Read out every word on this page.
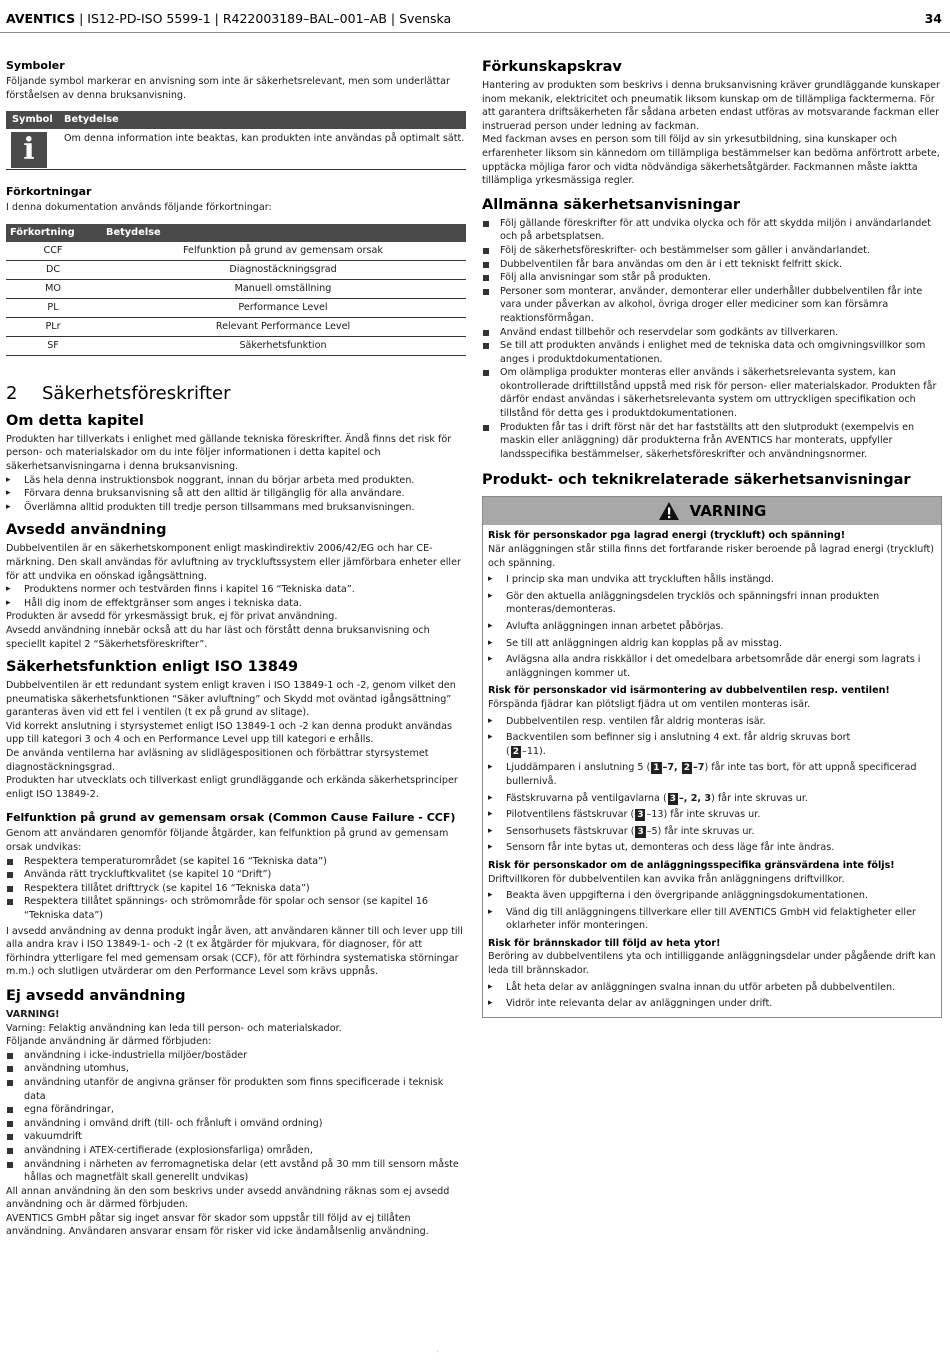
AVENTICS | IS12-PD-ISO 5599-1 | R422003189–BAL–001–AB | Svenska	34
Symboler

Följande symbol markerar en anvisning som inte är säkerhetsrelevant, men som underlättar förståelsen av denna bruksanvisning.

Symbol	Betydelse
i	Om denna information inte beaktas, kan produkten inte användas på optimalt sätt.
Förkortningar

I denna dokumentation används följande förkortningar:

Förkortning	Betydelse
CCF	Felfunktion på grund av gemensam orsak
DC	Diagnostäckningsgrad
MO	Manuell omställning
PL	Performance Level
PLr	Relevant Performance Level
SF	Säkerhetsfunktion
2 Säkerhetsföreskrifter
Om detta kapitel

Produkten har tillverkats i enlighet med gällande tekniska föreskrifter. Ändå finns det risk för person- och materialskador om du inte följer informationen i detta kapitel och säkerhetsanvisningarna i denna bruksanvisning.

▸ Läs hela denna instruktionsbok noggrant, innan du börjar arbeta med produkten.
▸ Förvara denna bruksanvisning så att den alltid är tillgänglig för alla användare.
▸ Överlämna alltid produkten till tredje person tillsammans med bruksanvisningen.
Avsedd användning

Dubbelventilen är en säkerhetskomponent enligt maskindirektiv 2006/42/EG och har CE-märkning. Den skall användas för avluftning av tryckluftssystem eller jämförbara enheter eller för att undvika en oönskad igångsättning.

▸ Produktens normer och testvärden finns i kapitel 16 “Tekniska data”.
▸ Håll dig inom de effektgränser som anges i tekniska data.

Produkten är avsedd för yrkesmässigt bruk, ej för privat användning.

Avsedd användning innebär också att du har läst och förstått denna bruksanvisning och speciellt kapitel 2 “Säkerhetsföreskrifter”.

Säkerhetsfunktion enligt ISO 13849

Dubbelventilen är ett redundant system enligt kraven i ISO 13849-1 och -2, genom vilket den pneumatiska säkerhetsfunktionen “Säker avluftning” och Skydd mot oväntad igångsättning” garanteras även vid ett fel i ventilen (t ex på grund av slitage).

Vid korrekt anslutning i styrsystemet enligt ISO 13849-1 och -2 kan denna produkt användas upp till kategori 3 och 4 och en Performance Level upp till kategori e erhålls.

De använda ventilerna har avläsning av slidlägespositionen och förbättrar styrsystemet diagnostäckningsgrad.

Produkten har utvecklats och tillverkast enligt grundläggande och erkända säkerhetsprinciper enligt ISO 13849-2.

Felfunktion på grund av gemensam orsak (Common Cause Failure - CCF)

Genom att användaren genomför följande åtgärder, kan felfunktion på grund av gemensam orsak undvikas:

Respektera temperaturområdet (se kapitel 16 “Tekniska data”)
Använda rätt tryckluftkvalitet (se kapitel 10 “Drift”)
Respektera tillåtet drifttryck (se kapitel 16 “Tekniska data”)
Respektera tillåtet spännings- och strömområde för spolar och sensor (se kapitel 16 “Tekniska data”)

I avsedd användning av denna produkt ingår även, att användaren känner till och lever upp till alla andra krav i ISO 13849-1- och -2 (t ex åtgärder för mjukvara, för diagnoser, för att förhindra ytterligare fel med gemensam orsak (CCF), för att förhindra systematiska störningar m.m.) och slutligen utvärderar om den Performance Level som krävs uppnås.

Ej avsedd användning

VARNING!

Varning: Felaktig användning kan leda till person- och materialskador.

Följande användning är därmed förbjuden:

användning i icke-industriella miljöer/bostäder
användning utomhus,
användning utanför de angivna gränser för produkten som finns specificerade i teknisk data
egna förändringar,
användning i omvänd drift (till- och frånluft i omvänd ordning)
vakuumdrift
användning i ATEX-certifierade (explosionsfarliga) områden,
användning i närheten av ferromagnetiska delar (ett avstånd på 30 mm till sensorn måste hållas och magnetfält skall generellt undvikas)

All annan användning än den som beskrivs under avsedd användning räknas som ej avsedd användning och är därmed förbjuden.

AVENTICS GmbH påtar sig inget ansvar för skador som uppstår till följd av ej tillåten användning. Användaren ansvarar ensam för risker vid icke ändamålsenlig användning.

Förkunskapskrav

Hantering av produkten som beskrivs i denna bruksanvisning kräver grundläggande kunskaper inom mekanik, elektricitet och pneumatik liksom kunskap om de tillämpliga facktermerna. För att garantera driftsäkerheten får sådana arbeten endast utföras av motsvarande fackman eller instruerad person under ledning av fackman.

Med fackman avses en person som till följd av sin yrkesutbildning, sina kunskaper och erfarenheter liksom sin kännedom om tillämpliga bestämmelser kan bedöma anförtrott arbete, upptäcka möjliga faror och vidta nödvändiga säkerhetsåtgärder. Fackmannen måste iaktta tillämpliga yrkesmässiga regler.

Allmänna säkerhetsanvisningar
Följ gällande föreskrifter för att undvika olycka och för att skydda miljön i användarlandet och på arbetsplatsen.
Följ de säkerhetsföreskrifter- och bestämmelser som gäller i användarlandet.
Dubbelventilen får bara användas om den är i ett tekniskt felfritt skick.
Följ alla anvisningar som står på produkten.
Personer som monterar, använder, demonterar eller underhåller dubbelventilen får inte vara under påverkan av alkohol, övriga droger eller mediciner som kan försämra reaktionsförmågan.
Använd endast tillbehör och reservdelar som godkänts av tillverkaren.
Se till att produkten används i enlighet med de tekniska data och omgivningsvillkor som anges i produktdokumentationen.
Om olämpliga produkter monteras eller används i säkerhetsrelevanta system, kan okontrollerade drifttillstånd uppstå med risk för person- eller materialskador. Produkten får därför endast användas i säkerhetsrelevanta system om uttryckligen specifikation och tillstånd för detta ges i produktdokumentationen.
Produkten får tas i drift först när det har fastställts att den slutprodukt (exempelvis en maskin eller anläggning) där produkterna från AVENTICS har monterats, uppfyller landsspecifika bestämmelser, säkerhetsföreskrifter och användningsnormer.
Produkt- och teknikrelaterade säkerhetsanvisningar
VARNING

Risk för personskador pga lagrad energi (tryckluft) och spänning!

När anläggningen står stilla finns det fortfarande risker beroende på lagrad energi (tryckluft) och spänning.

▸ I princip ska man undvika att tryckluften hålls instängd.
▸ Gör den aktuella anläggningsdelen trycklös och spänningsfri innan produkten monteras/demonteras.
▸ Avlufta anläggningen innan arbetet påbörjas.
▸ Se till att anläggningen aldrig kan kopplas på av misstag.
▸ Avlägsna alla andra riskkällor i det omedelbara arbetsområde där energi som lagrats i anläggningen kommer ut.

Risk för personskador vid isärmontering av dubbelventilen resp. ventilen!

Förspända fjädrar kan plötsligt fjädra ut om ventilen monteras isär.

▸ Dubbelventilen resp. ventilen får aldrig monteras isär.
▸ Backventilen som befinner sig i anslutning 4 ext. får aldrig skruvas bort
( 2 –11).
▸ Ljuddämparen i anslutning 5 ( 1 –7, 2 –7) får inte tas bort, för att uppnå specificerad bullernivå.
▸ Fästskruvarna på ventilgavlarna ( 3 –, 2, 3) får inte skruvas ur.
▸ Pilotventilens fästskruvar ( 3 –13) får inte skruvas ur.
▸ Sensorhusets fästskruvar ( 3 –5) får inte skruvas ur.
▸ Sensorn får inte bytas ut, demonteras och dess läge får inte ändras.

Risk för personskador om de anläggningsspecifika gränsvärdena inte följs!

Driftvillkoren för dubbelventilen kan avvika från anläggningens driftvillkor.

▸ Beakta även uppgifterna i den övergripande anläggningsdokumentationen.
▸ Vänd dig till anläggningens tillverkare eller till AVENTICS GmbH vid felaktigheter eller oklarheter inför monteringen.

Risk för brännskador till följd av heta ytor!

Beröring av dubbelventilens yta och intilliggande anläggningsdelar under pågående drift kan leda till brännskador.

▸ Låt heta delar av anläggningen svalna innan du utför arbeten på dubbelventilen.
▸ Vidrör inte relevanta delar av anläggningen under drift.
'
